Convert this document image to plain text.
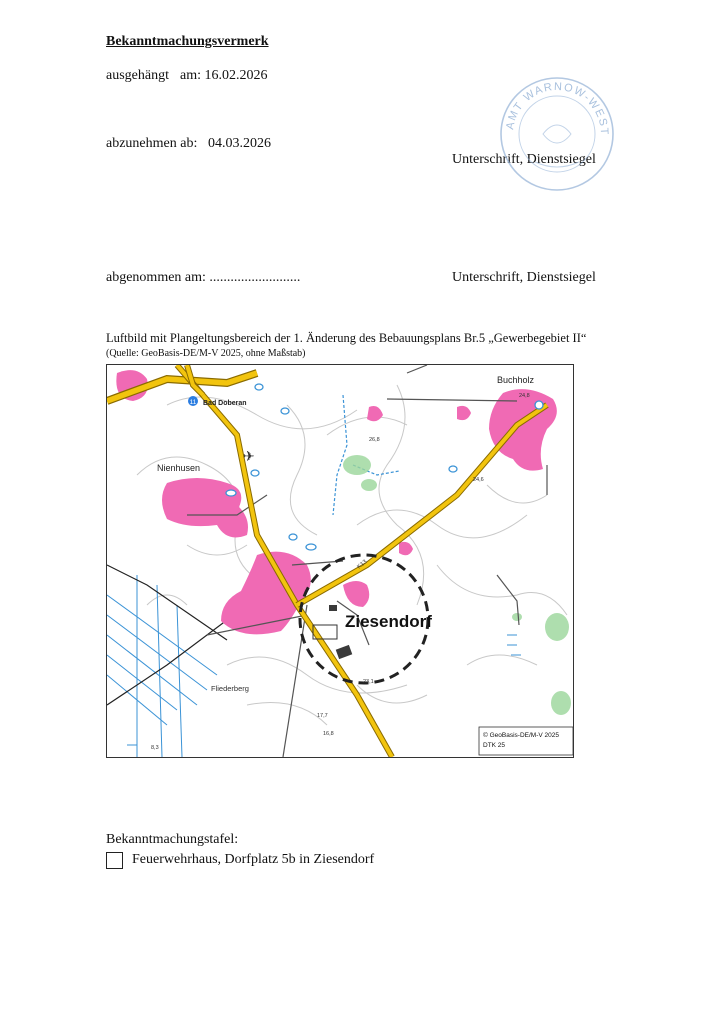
Bekanntmachungsvermerk
ausgehängt am: 16.02.2026
abzunehmen ab: 04.03.2026
Unterschrift, Dienstsiegel
AMT WARNOW-WEST
abgenommen am: ..........................	Unterschrift, Dienstsiegel
Luftbild mit Plangeltungsbereich der 1. Änderung des Bebauungsplans Br.5 „Gewerbegebiet II“
(Quelle: GeoBasis-DE/M-V 2025, ohne Maßstab)
✈
11 Bad Doberan
Buchholz
Nienhusen
Ziesendorf
Fliederberg
K13
26,8
24,6
23,1
17,7
16,8
8,3
24,8
© GeoBasis-DE/M-V 2025
DTK 25
Bekanntmachungstafel:
Feuerwehrhaus, Dorfplatz 5b in Ziesendorf
